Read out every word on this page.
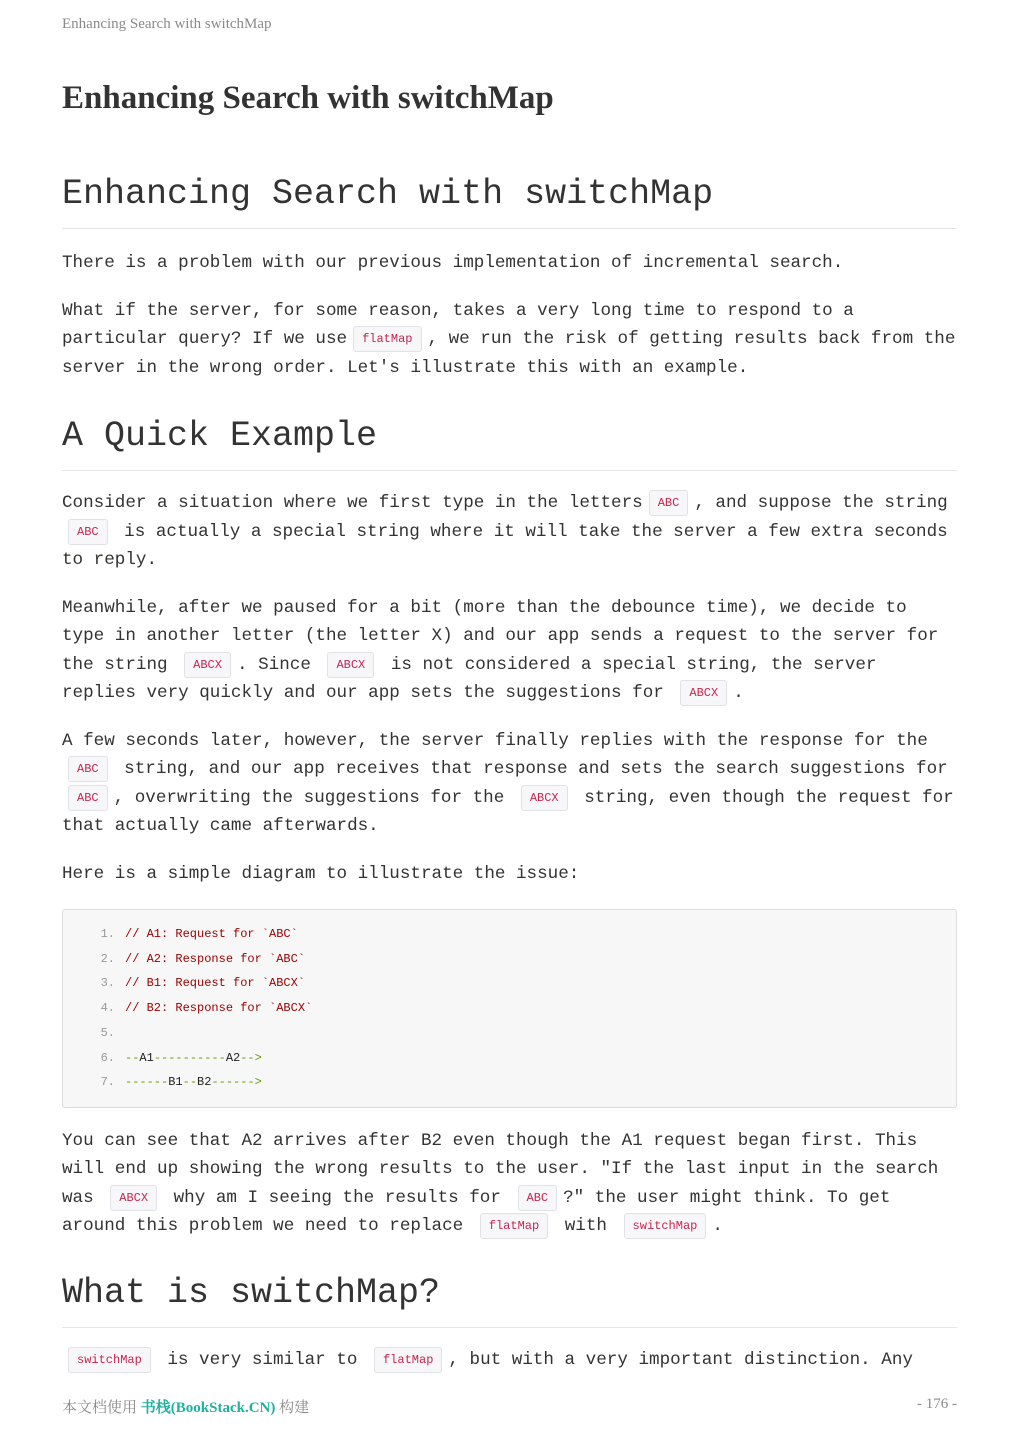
Enhancing Search with switchMap
Enhancing Search with switchMap
Enhancing Search with switchMap

There is a problem with our previous implementation of incremental search.

What if the server, for some reason, takes a very long time to respond to a particular query? If we use flatMap , we run the risk of getting results back from the server in the wrong order. Let's illustrate this with an example.

A Quick Example

Consider a situation where we first type in the letters ABC , and suppose the string ABC is actually a special string where it will take the server a few extra seconds to reply.

Meanwhile, after we paused for a bit (more than the debounce time), we decide to type in another letter (the letter X) and our app sends a request to the server for the string ABCX . Since ABCX is not considered a special string, the server replies very quickly and our app sets the suggestions for ABCX .

A few seconds later, however, the server finally replies with the response for the ABC string, and our app receives that response and sets the search suggestions for ABC , overwriting the suggestions for the ABCX string, even though the request for that actually came afterwards.

Here is a simple diagram to illustrate the issue:

1. // A1: Request for `ABC`
2. // A2: Response for `ABC`
3. // B1: Request for `ABCX`
4. // B2: Response for `ABCX`
5.
6. -- A1 ---------- A2 -->
7. ------ B1 -- B2 ------>

You can see that A2 arrives after B2 even though the A1 request began first. This will end up showing the wrong results to the user. "If the last input in the search was ABCX why am I seeing the results for ABC ?" the user might think. To get around this problem we need to replace flatMap with switchMap .

What is switchMap?

switchMap is very similar to flatMap , but with a very important distinction. Any

本文档使用 书栈(BookStack.CN) 构建	- 176 -
